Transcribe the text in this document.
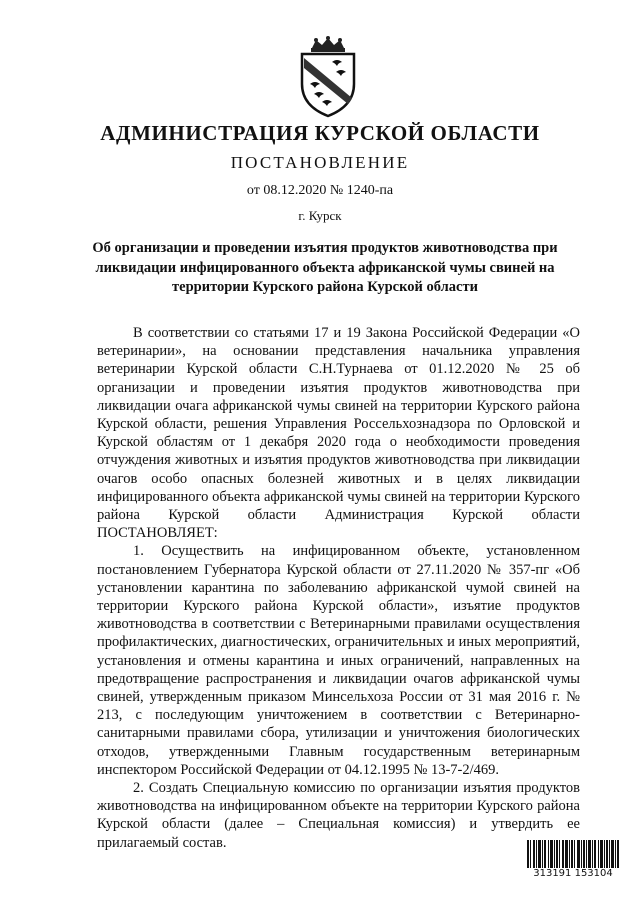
АДМИНИСТРАЦИЯ КУРСКОЙ ОБЛАСТИ
ПОСТАНОВЛЕНИЕ
от 08.12.2020 № 1240-па
г. Курск
Об организации и проведении изъятия продуктов животноводства при ликвидации инфицированного объекта африканской чумы свиней на территории Курского района Курской области

В соответствии со статьями 17 и 19 Закона Российской Федерации «О ветеринарии», на основании представления начальника управления ветеринарии Курской области С.Н.Турнаева от 01.12.2020 № 25 об организации и проведении изъятия продуктов животноводства при ликвидации очага африканской чумы свиней на территории Курского района Курской области, решения Управления Россельхознадзора по Орловской и Курской областям от 1 декабря 2020 года о необходимости проведения отчуждения животных и изъятия продуктов животноводства при ликвидации очагов особо опасных болезней животных и в целях ликвидации инфицированного объекта африканской чумы свиней на территории Курского района Курской области Администрация Курской области ПОСТАНОВЛЯЕТ:

1. Осуществить на инфицированном объекте, установленном постановлением Губернатора Курской области от 27.11.2020 № 357-пг «Об установлении карантина по заболеванию африканской чумой свиней на территории Курского района Курской области», изъятие продуктов животноводства в соответствии с Ветеринарными правилами осуществления профилактических, диагностических, ограничительных и иных мероприятий, установления и отмены карантина и иных ограничений, направленных на предотвращение распространения и ликвидации очагов африканской чумы свиней, утвержденным приказом Минсельхоза России от 31 мая 2016 г. № 213, с последующим уничтожением в соответствии с Ветеринарно-санитарными правилами сбора, утилизации и уничтожения биологических отходов, утвержденными Главным государственным ветеринарным инспектором Российской Федерации от 04.12.1995 № 13-7-2/469.

2. Создать Специальную комиссию по организации изъятия продуктов животноводства на инфицированном объекте на территории Курского района Курской области (далее – Специальная комиссия) и утвердить ее прилагаемый состав.

313191 153104
